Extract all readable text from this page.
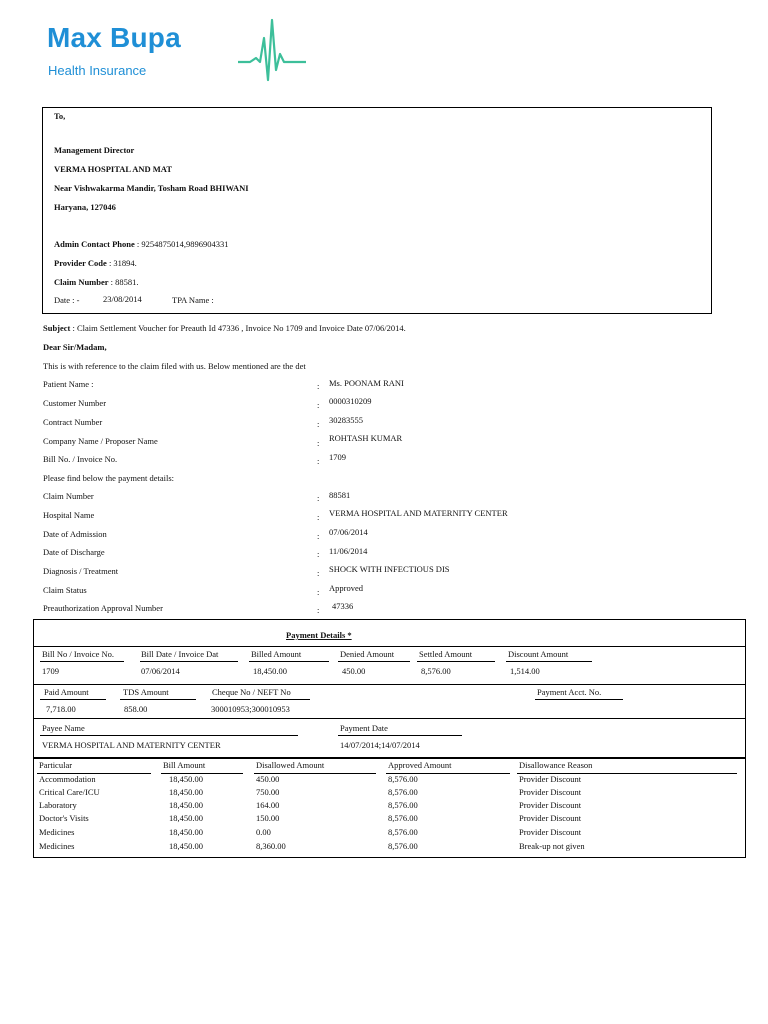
Max Bupa
Health Insurance
To,
Management Director
VERMA HOSPITAL AND MAT
Near Vishwakarma Mandir, Tosham Road BHIWANI
Haryana, 127046
Admin Contact Phone : 9254875014,9896904331
Provider Code : 31894.
Claim Number : 88581.
Date : -	23/08/2014	TPA Name :
Subject : Claim Settlement Voucher for Preauth Id 47336 , Invoice No 1709 and Invoice Date 07/06/2014.
Dear Sir/Madam,
This is with reference to the claim filed with us. Below mentioned are the det
Patient Name :	: Ms. POONAM RANI
Customer Number	: 0000310209
Contract Number	: 30283555
Company Name / Proposer Name	: ROHTASH KUMAR
Bill No. / Invoice No.	: 1709
Please find below the payment details:
Claim Number	: 88581
Hospital Name	: VERMA HOSPITAL AND MATERNITY CENTER
Date of Admission	: 07/06/2014
Date of Discharge	: 11/06/2014
Diagnosis / Treatment	: SHOCK WITH INFECTIOUS DIS
Claim Status	: Approved
Preauthorization Approval Number	: 47336
Payment Details *
Bill No / Invoice No.	Bill Date / Invoice Dat	Billed Amount	Denied Amount	Settled Amount	Discount Amount
1709	07/06/2014	18,450.00	450.00	8,576.00	1,514.00
Paid Amount	TDS Amount	Cheque No / NEFT No	Payment Acct. No.
7,718.00	858.00	300010953;300010953
Payee Name	Payment Date
VERMA HOSPITAL AND MATERNITY CENTER	14/07/2014;14/07/2014
Particular	Bill Amount	Disallowed Amount	Approved Amount	Disallowance Reason
Accommodation	18,450.00	450.00	8,576.00	Provider Discount
Critical Care/ICU	18,450.00	750.00	8,576.00	Provider Discount
Laboratory	18,450.00	164.00	8,576.00	Provider Discount
Doctor's Visits	18,450.00	150.00	8,576.00	Provider Discount
Medicines	18,450.00	0.00	8,576.00	Provider Discount
Medicines	18,450.00	8,360.00	8,576.00	Break-up not given
